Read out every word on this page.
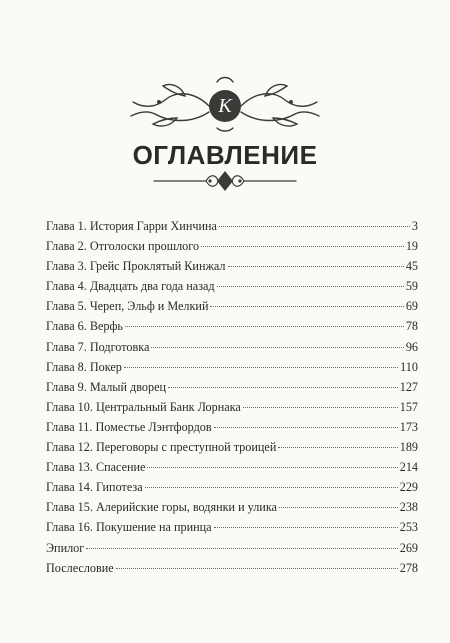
K
ОГЛАВЛЕНИЕ
Глава 1. История Гарри Хинчина	3
Глава 2. Отголоски прошлого	19
Глава 3. Грейс Проклятый Кинжал	45
Глава 4. Двадцать два года назад	59
Глава 5. Череп, Эльф и Мелкий	69
Глава 6. Верфь	78
Глава 7. Подготовка	96
Глава 8. Покер	110
Глава 9. Малый дворец	127
Глава 10. Центральный Банк Лорнака	157
Глава 11. Поместье Лэнтфордов	173
Глава 12. Переговоры с преступной троицей	189
Глава 13. Спасение	214
Глава 14. Гипотеза	229
Глава 15. Алерийские горы, водянки и улика	238
Глава 16. Покушение на принца	253
Эпилог	269
Послесловие	278
